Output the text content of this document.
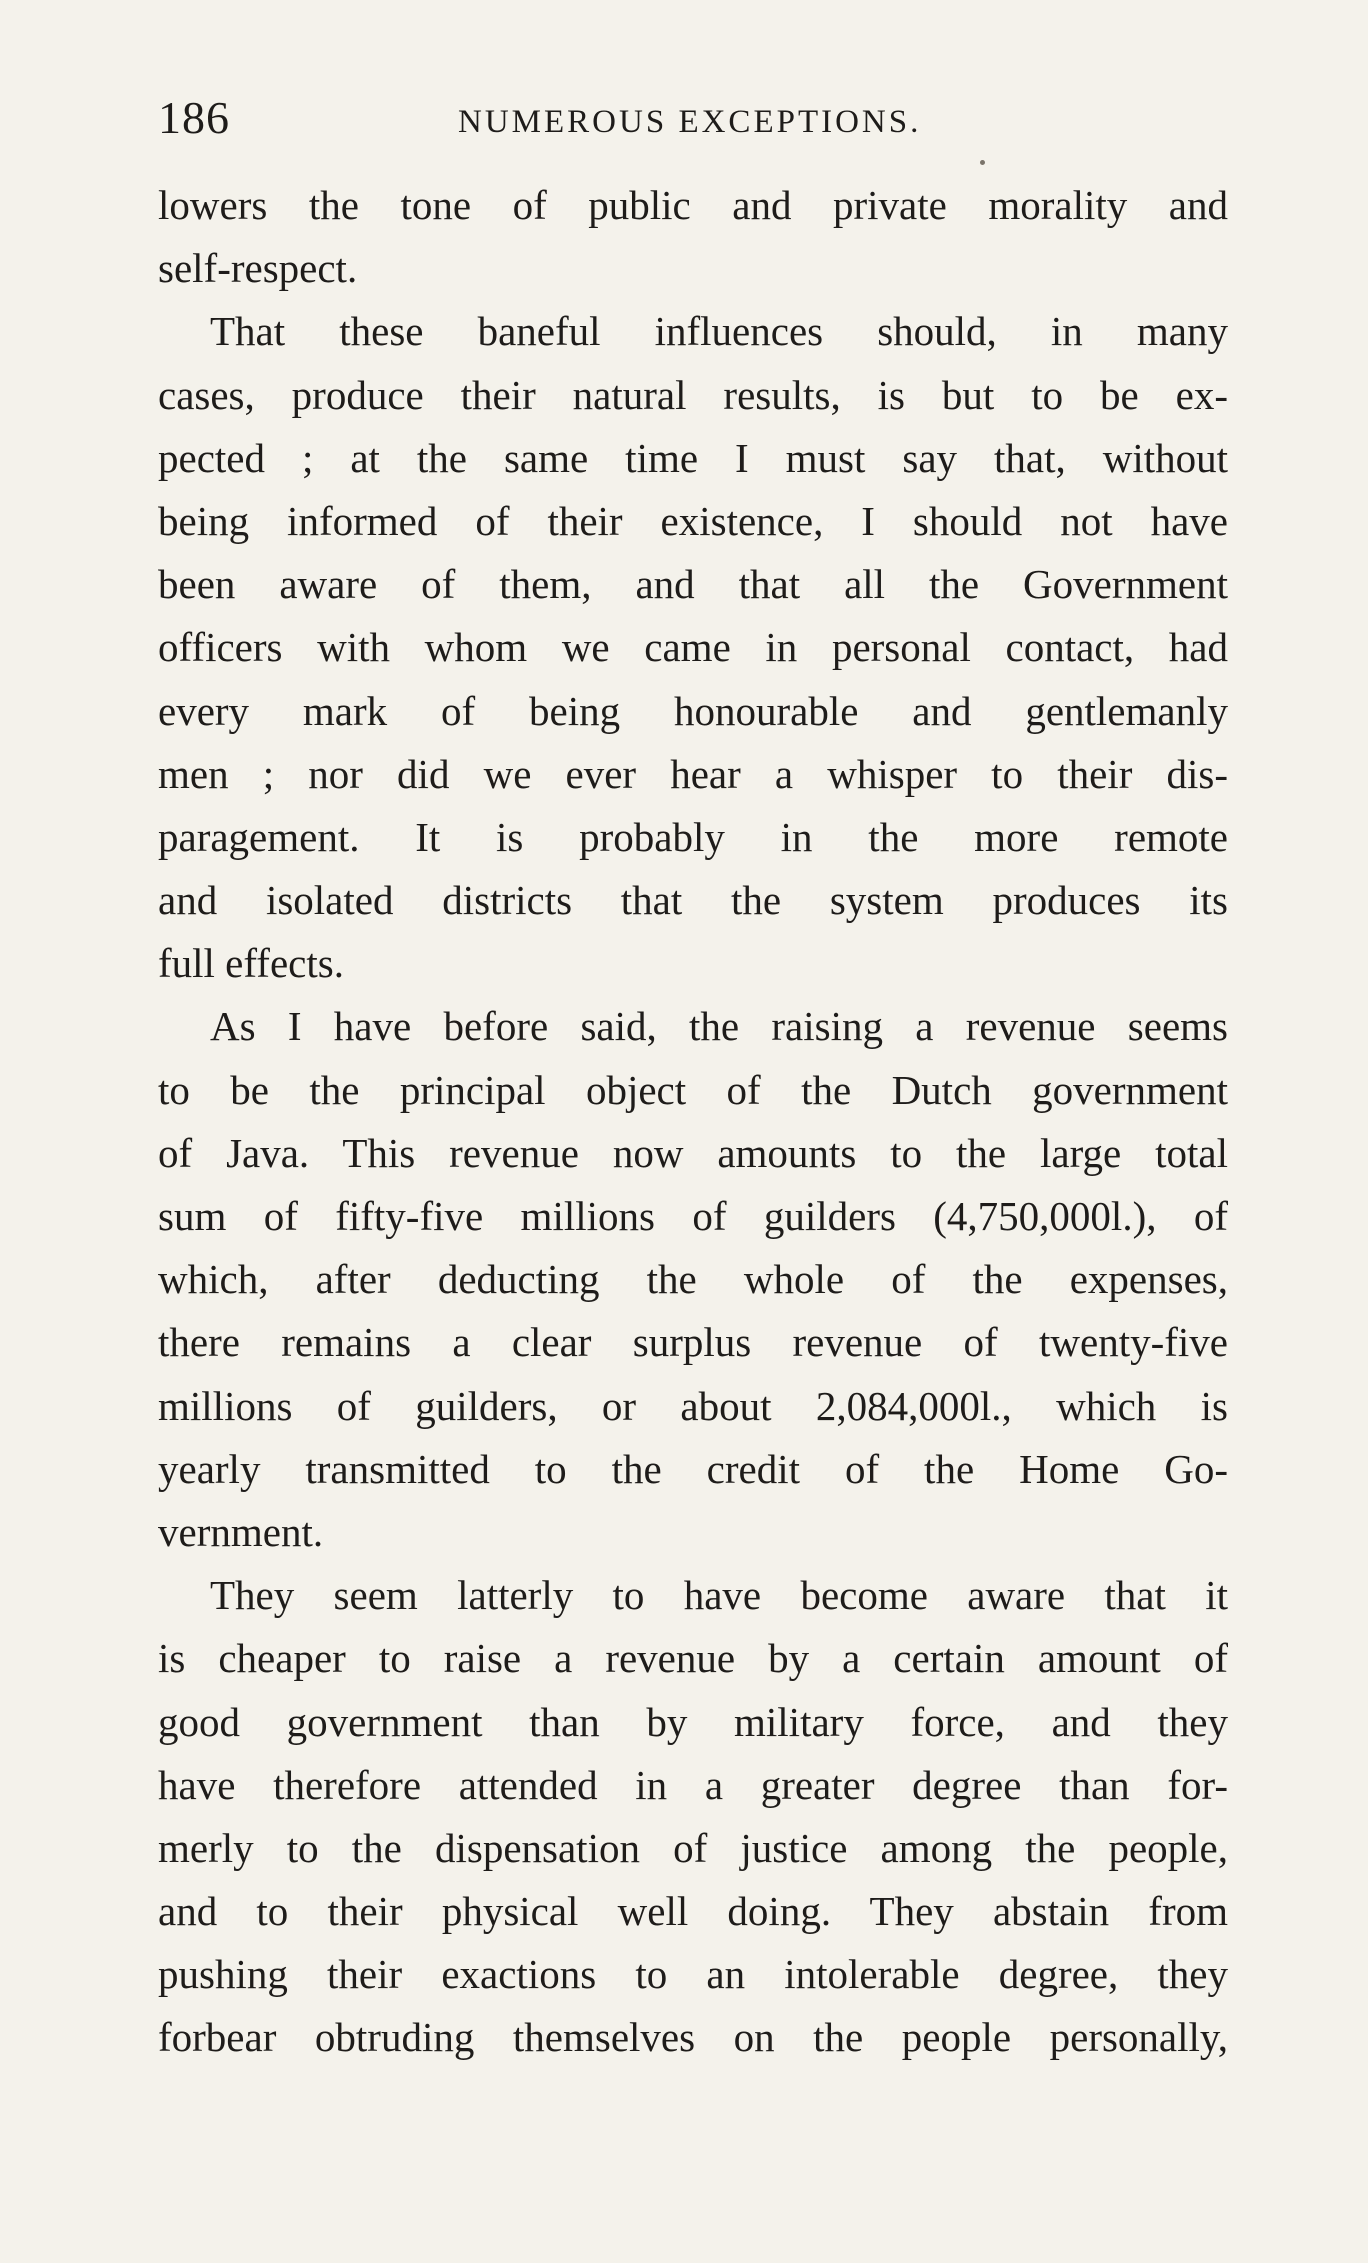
186	NUMEROUS EXCEPTIONS.
lowers the tone of public and private morality and
self-respect.
That these baneful influences should, in many
cases, produce their natural results, is but to be ex-
pected ; at the same time I must say that, without
being informed of their existence, I should not have
been aware of them, and that all the Government
officers with whom we came in personal contact, had
every mark of being honourable and gentlemanly
men ; nor did we ever hear a whisper to their dis-
paragement. It is probably in the more remote
and isolated districts that the system produces its
full effects.
As I have before said, the raising a revenue seems
to be the principal object of the Dutch government
of Java. This revenue now amounts to the large total
sum of fifty-five millions of guilders (4,750,000l.), of
which, after deducting the whole of the expenses,
there remains a clear surplus revenue of twenty-five
millions of guilders, or about 2,084,000l., which is
yearly transmitted to the credit of the Home Go-
vernment.
They seem latterly to have become aware that it
is cheaper to raise a revenue by a certain amount of
good government than by military force, and they
have therefore attended in a greater degree than for-
merly to the dispensation of justice among the people,
and to their physical well doing. They abstain from
pushing their exactions to an intolerable degree, they
forbear obtruding themselves on the people personally,
